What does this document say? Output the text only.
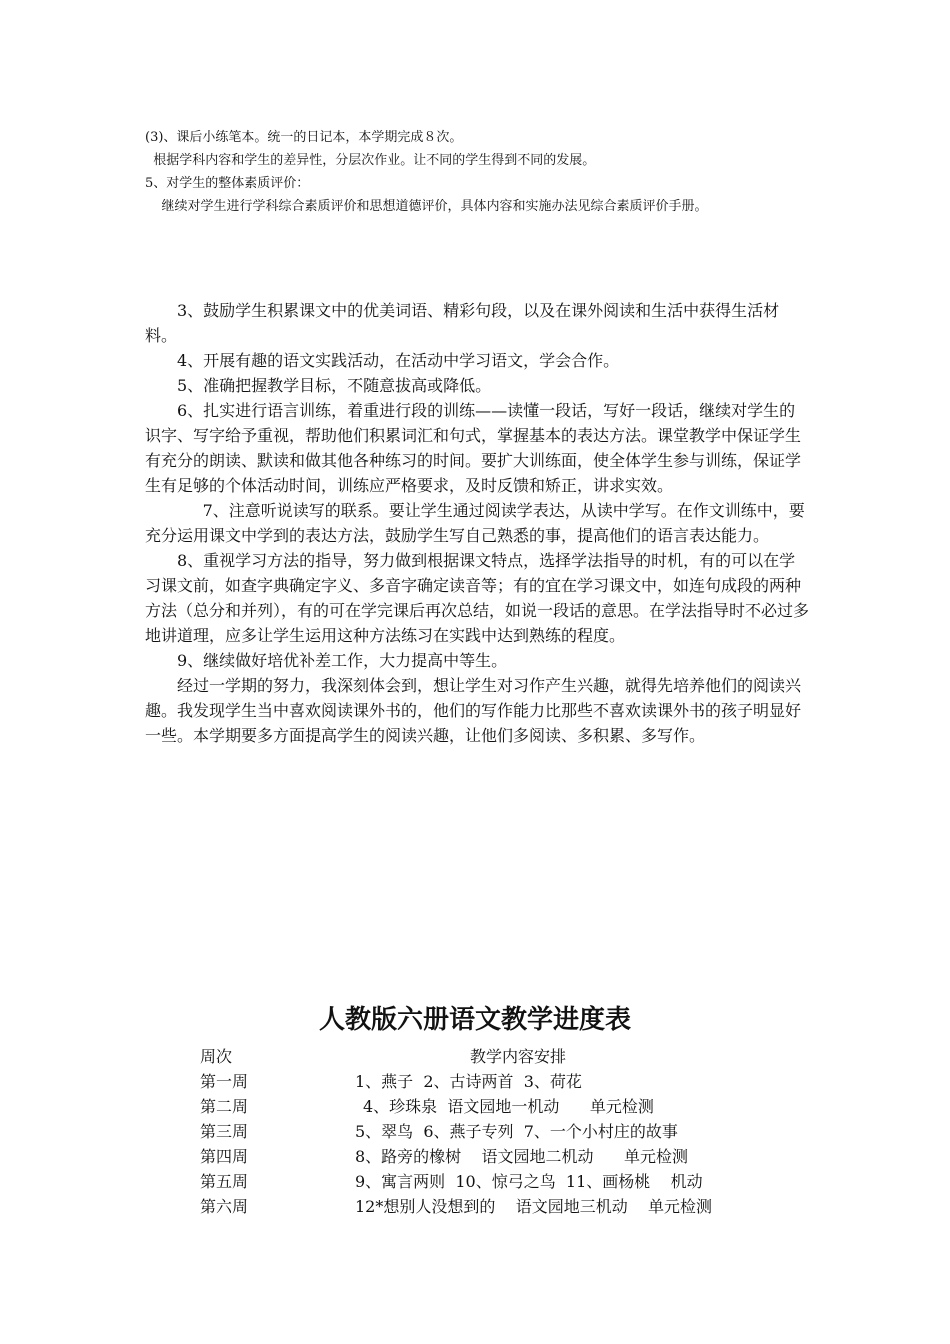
(3)、课后小练笔本。统一的日记本，本学期完成８次。
根据学科内容和学生的差异性，分层次作业。让不同的学生得到不同的发展。
5、对学生的整体素质评价：
继续对学生进行学科综合素质评价和思想道德评价，具体内容和实施办法见综合素质评价手册。

3、鼓励学生积累课文中的优美词语、精彩句段，以及在课外阅读和生活中获得生活材料。

4、开展有趣的语文实践活动，在活动中学习语文，学会合作。

5、准确把握教学目标，不随意拔高或降低。

6、扎实进行语言训练，着重进行段的训练——读懂一段话，写好一段话，继续对学生的识字、写字给予重视，帮助他们积累词汇和句式，掌握基本的表达方法。课堂教学中保证学生有充分的朗读、默读和做其他各种练习的时间。要扩大训练面，使全体学生参与训练，保证学生有足够的个体活动时间，训练应严格要求，及时反馈和矫正，讲求实效。

7、注意听说读写的联系。要让学生通过阅读学表达，从读中学写。在作文训练中，要充分运用课文中学到的表达方法，鼓励学生写自己熟悉的事，提高他们的语言表达能力。

8、重视学习方法的指导，努力做到根据课文特点，选择学法指导的时机，有的可以在学习课文前，如查字典确定字义、多音字确定读音等；有的宜在学习课文中，如连句成段的两种方法（总分和并列），有的可在学完课后再次总结，如说一段话的意思。在学法指导时不必过多地讲道理，应多让学生运用这种方法练习在实践中达到熟练的程度。

9、继续做好培优补差工作，大力提高中等生。

经过一学期的努力，我深刻体会到，想让学生对习作产生兴趣，就得先培养他们的阅读兴趣。我发现学生当中喜欢阅读课外书的，他们的写作能力比那些不喜欢读课外书的孩子明显好一些。本学期要多方面提高学生的阅读兴趣，让他们多阅读、多积累、多写作。

人教版六册语文教学进度表
周次	教学内容安排
第一周	1、燕子  2、古诗两首  3、荷花
第二周	4、珍珠泉  语文园地一机动      单元检测
第三周	5、翠鸟  6、燕子专列  7、一个小村庄的故事
第四周	8、路旁的橡树    语文园地二机动      单元检测
第五周	9、寓言两则  10、惊弓之鸟  11、画杨桃    机动
第六周	12*想别人没想到的    语文园地三机动    单元检测
